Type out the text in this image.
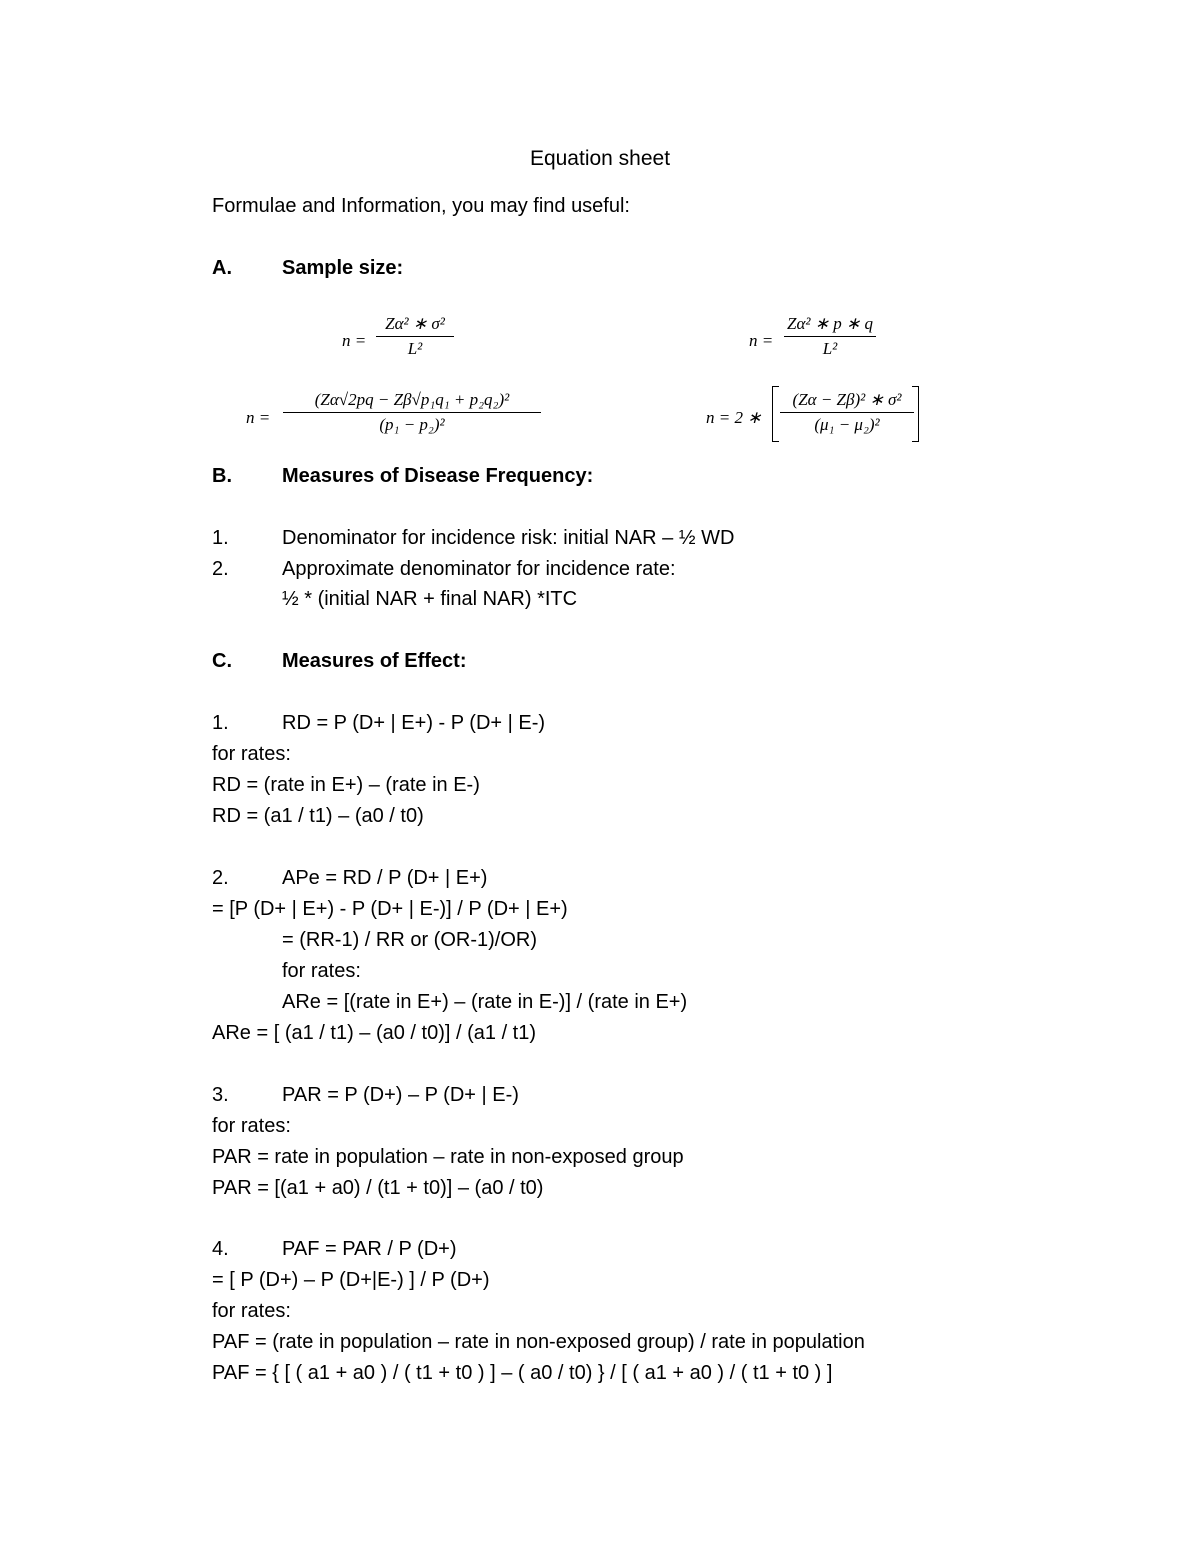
Equation sheet
Formulae and Information, you may find useful:
A.	Sample size:
n =
Zα² ∗ σ²
L²	n =
Zα² ∗ p ∗ q
L²
n =
(Zα√2pq − Zβ√p₁q₁ + p₂q₂)²
(p₁ − p₂)²	n = 2 ∗
(Zα − Zβ)² ∗ σ²
(μ₁ − μ₂)²
B.	Measures of Disease Frequency:
1.	Denominator for incidence risk: initial NAR – ½ WD
2.	Approximate denominator for incidence rate:
½ * (initial NAR + final NAR) *ITC
C.	Measures of Effect:
1.	RD = P (D+ | E+) - P (D+ | E-)
for rates:
RD = (rate in E+) – (rate in E-)
RD = (a1 / t1) – (a0 / t0)
2.	APe = RD / P (D+ | E+)
= [P (D+ | E+) - P (D+ | E-)] / P (D+ | E+)
= (RR-1) / RR or (OR-1)/OR)
for rates:
ARe = [(rate in E+) – (rate in E-)] / (rate in E+)
ARe = [ (a1 / t1) – (a0 / t0)] / (a1 / t1)
3.	PAR = P (D+) – P (D+ | E-)
for rates:
PAR = rate in population – rate in non-exposed group
PAR = [(a1 + a0) / (t1 + t0)] – (a0 / t0)
4.	PAF = PAR / P (D+)
= [ P (D+) – P (D+|E-) ] / P (D+)
for rates:
PAF = (rate in population – rate in non-exposed group) / rate in population
PAF = { [ ( a1 + a0 ) / ( t1 + t0 ) ] – ( a0 / t0) } / [ ( a1 + a0 ) / ( t1 + t0 ) ]
